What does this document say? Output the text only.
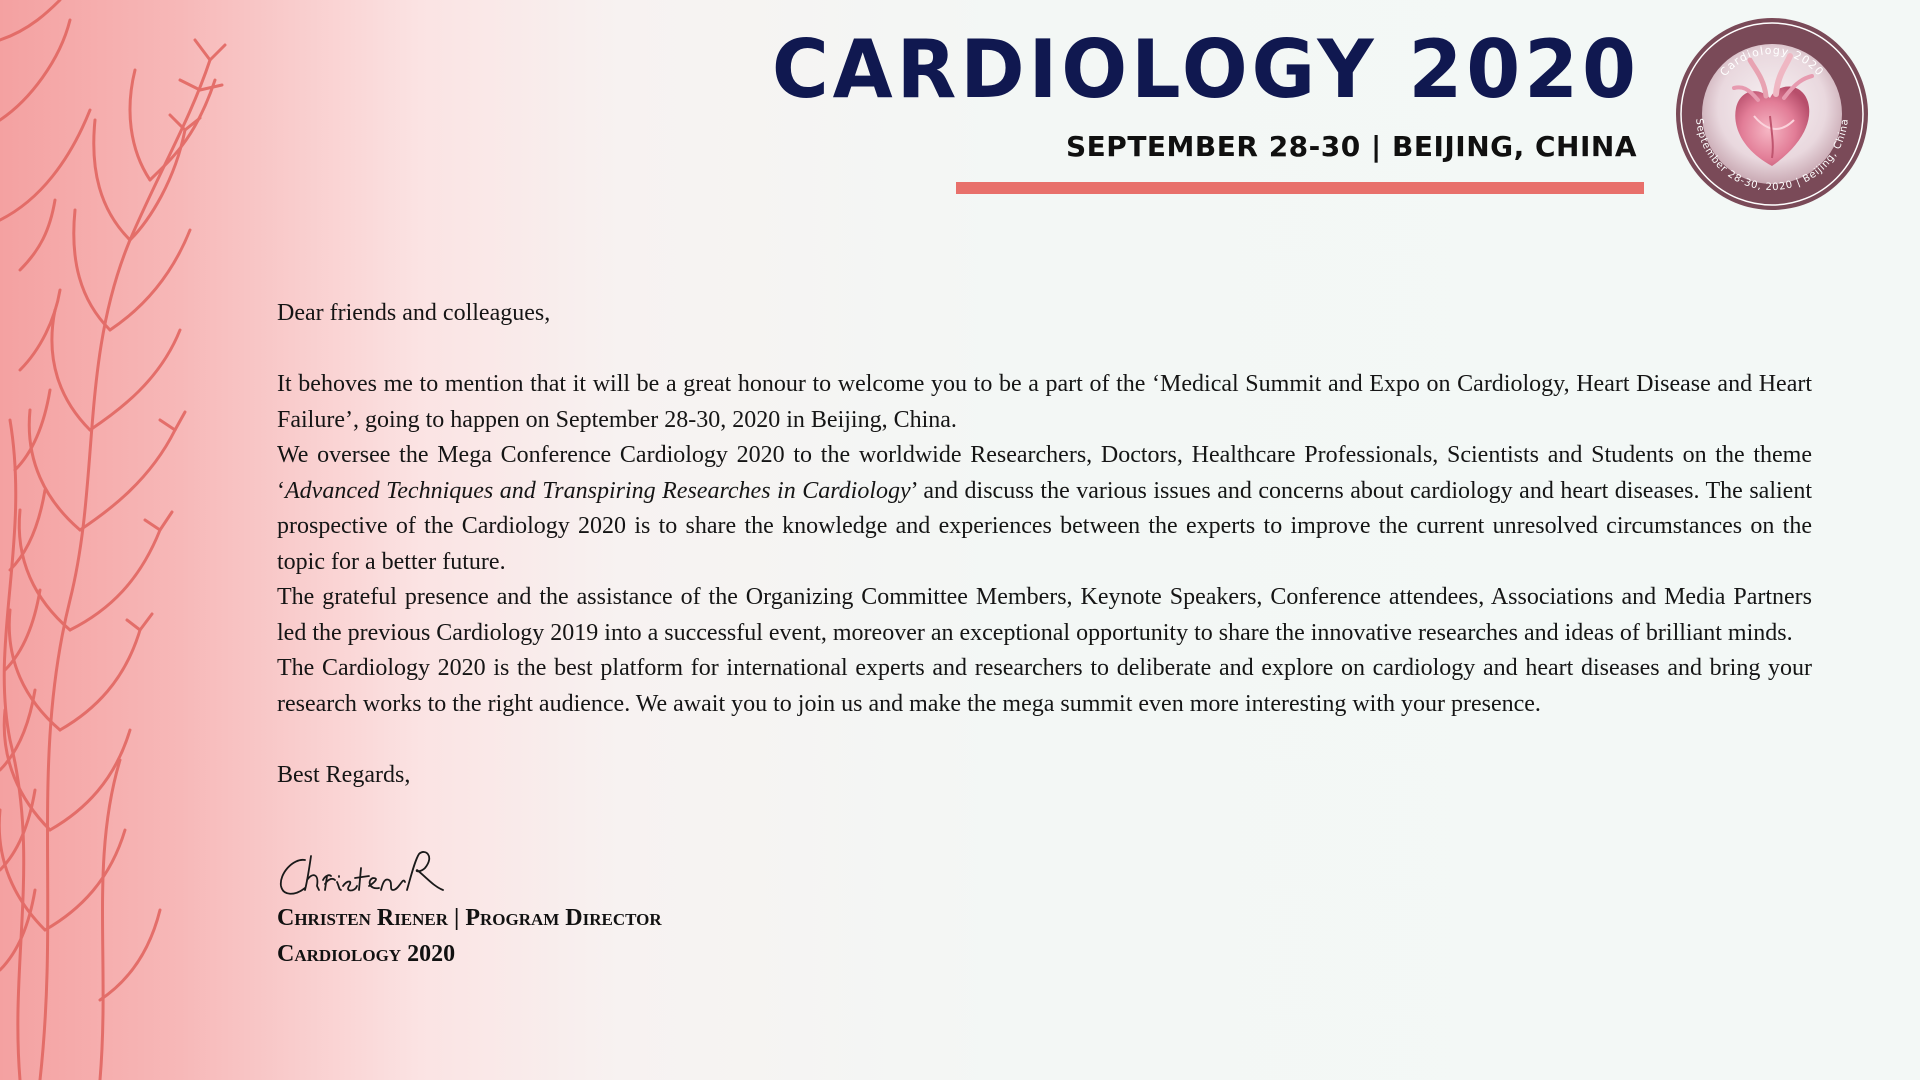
CARDIOLOGY 2020
SEPTEMBER 28-30 | BEIJING, CHINA
Cardiology 2020
September 28-30, 2020 | Beijing, China

Dear friends and colleagues,

It behoves me to mention that it will be a great honour to welcome you to be a part of the ‘Medical Summit and Expo on Cardiology, Heart Disease and Heart Failure’, going to happen on September 28-30, 2020 in Beijing, China.

We oversee the Mega Conference Cardiology 2020 to the worldwide Researchers, Doctors, Healthcare Professionals, Scientists and Students on the theme ‘Advanced Techniques and Transpiring Researches in Cardiology’ and discuss the various issues and concerns about cardiology and heart diseases. The salient prospective of the Cardiology 2020 is to share the knowledge and experiences between the experts to improve the current unresolved circumstances on the topic for a better future.

The grateful presence and the assistance of the Organizing Committee Members, Keynote Speakers, Conference attendees, Associations and Media Partners led the previous Cardiology 2019 into a successful event, moreover an exceptional opportunity to share the innovative researches and ideas of brilliant minds.

The Cardiology 2020 is the best platform for international experts and researchers to deliberate and explore on cardiology and heart diseases and bring your research works to the right audience. We await you to join us and make the mega summit even more interesting with your presence.

Best Regards,

Christen Riener | Program Director
Cardiology 2020
